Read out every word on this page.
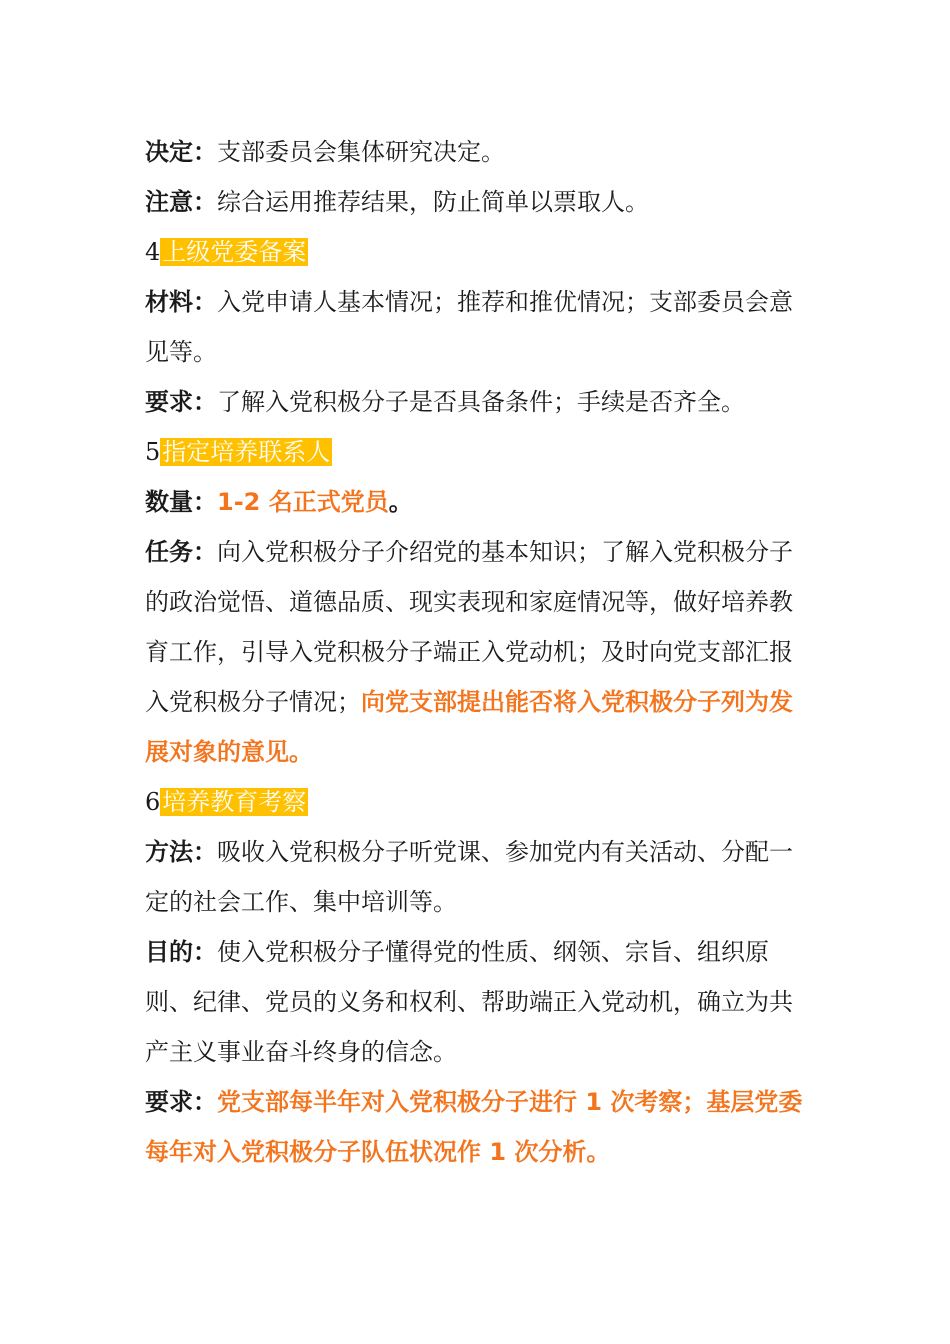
决定：支部委员会集体研究决定。

注意：综合运用推荐结果，防止简单以票取人。

4上级党委备案

材料：入党申请人基本情况；推荐和推优情况；支部委员会意见等。

要求：了解入党积极分子是否具备条件；手续是否齐全。

5指定培养联系人

数量：1-2 名正式党员。

任务：向入党积极分子介绍党的基本知识；了解入党积极分子的政治觉悟、道德品质、现实表现和家庭情况等，做好培养教育工作，引导入党积极分子端正入党动机；及时向党支部汇报入党积极分子情况；向党支部提出能否将入党积极分子列为发展对象的意见。

6培养教育考察

方法：吸收入党积极分子听党课、参加党内有关活动、分配一定的社会工作、集中培训等。

目的：使入党积极分子懂得党的性质、纲领、宗旨、组织原则、纪律、党员的义务和权利、帮助端正入党动机，确立为共产主义事业奋斗终身的信念。

要求：党支部每半年对入党积极分子进行 1 次考察；基层党委每年对入党积极分子队伍状况作 1 次分析。
